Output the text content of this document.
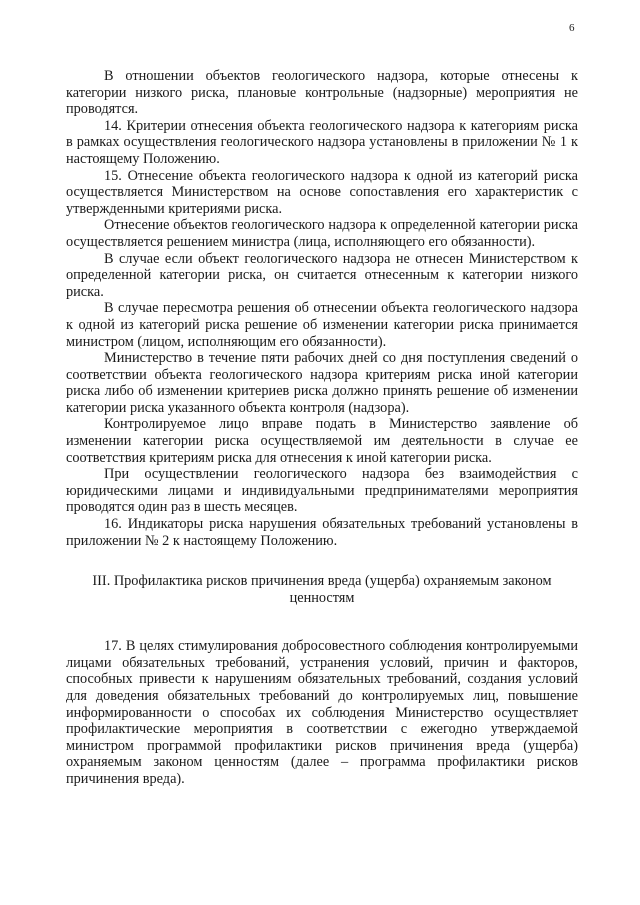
6

В отношении объектов геологического надзора, которые отнесены к категории низкого риска, плановые контрольные (надзорные) мероприятия не проводятся.

14. Критерии отнесения объекта геологического надзора к категориям риска в рамках осуществления геологического надзора установлены в приложении № 1 к настоящему Положению.

15. Отнесение объекта геологического надзора к одной из категорий риска осуществляется Министерством на основе сопоставления его характеристик с утвержденными критериями риска.

Отнесение объектов геологического надзора к определенной категории риска осуществляется решением министра (лица, исполняющего его обязанности).

В случае если объект геологического надзора не отнесен Министерством к определенной категории риска, он считается отнесенным к категории низкого риска.

В случае пересмотра решения об отнесении объекта геологического надзора к одной из категорий риска решение об изменении категории риска принимается министром (лицом, исполняющим его обязанности).

Министерство в течение пяти рабочих дней со дня поступления сведений о соответствии объекта геологического надзора критериям риска иной категории риска либо об изменении критериев риска должно принять решение об изменении категории риска указанного объекта контроля (надзора).

Контролируемое лицо вправе подать в Министерство заявление об изменении категории риска осуществляемой им деятельности в случае ее соответствия критериям риска для отнесения к иной категории риска.

При осуществлении геологического надзора без взаимодействия с юридическими лицами и индивидуальными предпринимателями мероприятия проводятся один раз в шесть месяцев.

16. Индикаторы риска нарушения обязательных требований установлены в приложении № 2 к настоящему Положению.

III. Профилактика рисков причинения вреда (ущерба) охраняемым законом ценностям

17. В целях стимулирования добросовестного соблюдения контролируемыми лицами обязательных требований, устранения условий, причин и факторов, способных привести к нарушениям обязательных требований, создания условий для доведения обязательных требований до контролируемых лиц, повышение информированности о способах их соблюдения Министерство осуществляет профилактические мероприятия в соответствии с ежегодно утверждаемой министром программой профилактики рисков причинения вреда (ущерба) охраняемым законом ценностям (далее – программа профилактики рисков причинения вреда).
